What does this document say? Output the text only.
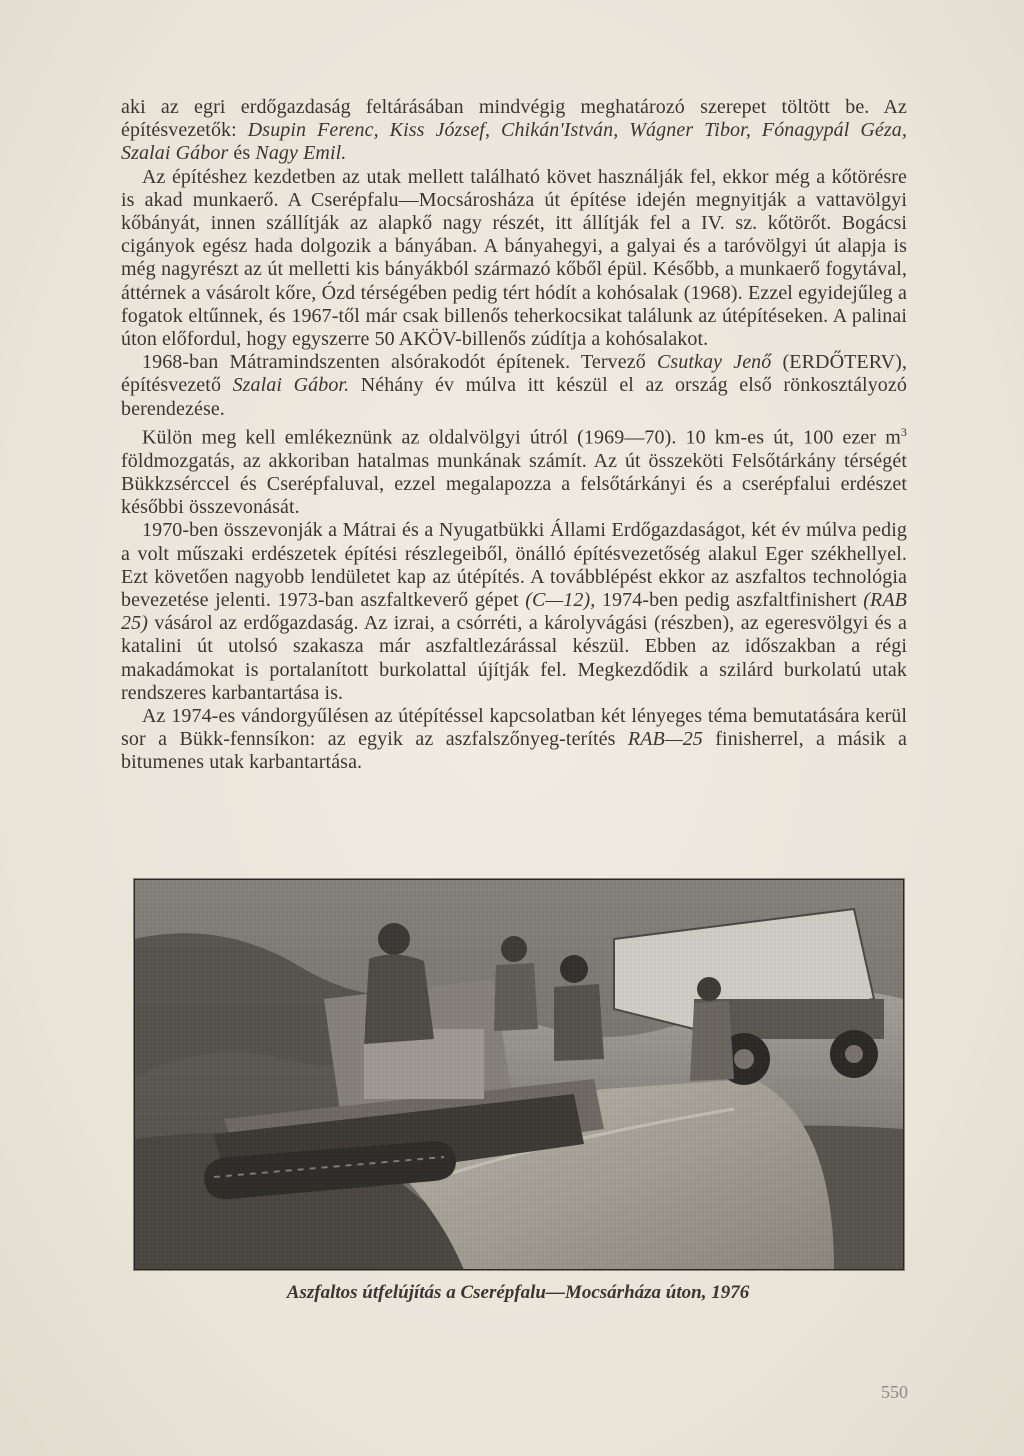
aki az egri erdőgazdaság feltárásában mindvégig meghatározó szerepet töltött be. Az építésvezetők: Dsupin Ferenc, Kiss József, Chikán'István, Wágner Tibor, Fónagypál Géza, Szalai Gábor és Nagy Emil.

Az építéshez kezdetben az utak mellett található követ használják fel, ekkor még a kőtörésre is akad munkaerő. A Cserépfalu—Mocsárosháza út építése idején megnyitják a vattavölgyi kőbányát, innen szállítják az alapkő nagy részét, itt állítják fel a IV. sz. kőtörőt. Bogácsi cigányok egész hada dolgozik a bányában. A bányahegyi, a galyai és a taróvölgyi út alapja is még nagyrészt az út melletti kis bányákból származó kőből épül. Később, a munkaerő fogytával, áttérnek a vásárolt kőre, Ózd térségében pedig tért hódít a kohósalak (1968). Ezzel egyidejűleg a fogatok eltűnnek, és 1967-től már csak billenős teherkocsikat találunk az útépítéseken. A palinai úton előfordul, hogy egyszerre 50 AKÖV-billenős zúdítja a kohósalakot.

1968-ban Mátramindszenten alsórakodót építenek. Tervező Csutkay Jenő (ERDŐTERV), építésvezető Szalai Gábor. Néhány év múlva itt készül el az ország első rönkosztályozó berendezése.

Külön meg kell emlékeznünk az oldalvölgyi útról (1969—70). 10 km-es út, 100 ezer $m^3$ földmozgatás, az akkoriban hatalmas munkának számít. Az út összeköti Felsőtárkány térségét Bükkzsérccel és Cserépfaluval, ezzel megalapozza a felsőtárkányi és a cserépfalui erdészet későbbi összevonását.

1970-ben összevonják a Mátrai és a Nyugatbükki Állami Erdőgazdaságot, két év múlva pedig a volt műszaki erdészetek építési részlegeiből, önálló építésvezetőség alakul Eger székhellyel. Ezt követően nagyobb lendületet kap az útépítés. A továbblépést ekkor az aszfaltos technológia bevezetése jelenti. 1973-ban aszfaltkeverő gépet (C—12), 1974-ben pedig aszfaltfinishert (RAB 25) vásárol az erdőgazdaság. Az izrai, a csórréti, a károlyvágási (részben), az egeresvölgyi és a katalini út utolsó szakasza már aszfaltlezárással készül. Ebben az időszakban a régi makadámokat is portalanított burkolattal újítják fel. Megkezdődik a szilárd burkolatú utak rendszeres karbantartása is.

Az 1974-es vándorgyűlésen az útépítéssel kapcsolatban két lényeges téma bemutatására kerül sor a Bükk-fennsíkon: az egyik az aszfalszőnyeg-terítés RAB—25 finisherrel, a másik a bitumenes utak karbantartása.

Aszfaltos útfelújítás a Cserépfalu—Mocsárháza úton, 1976
550
